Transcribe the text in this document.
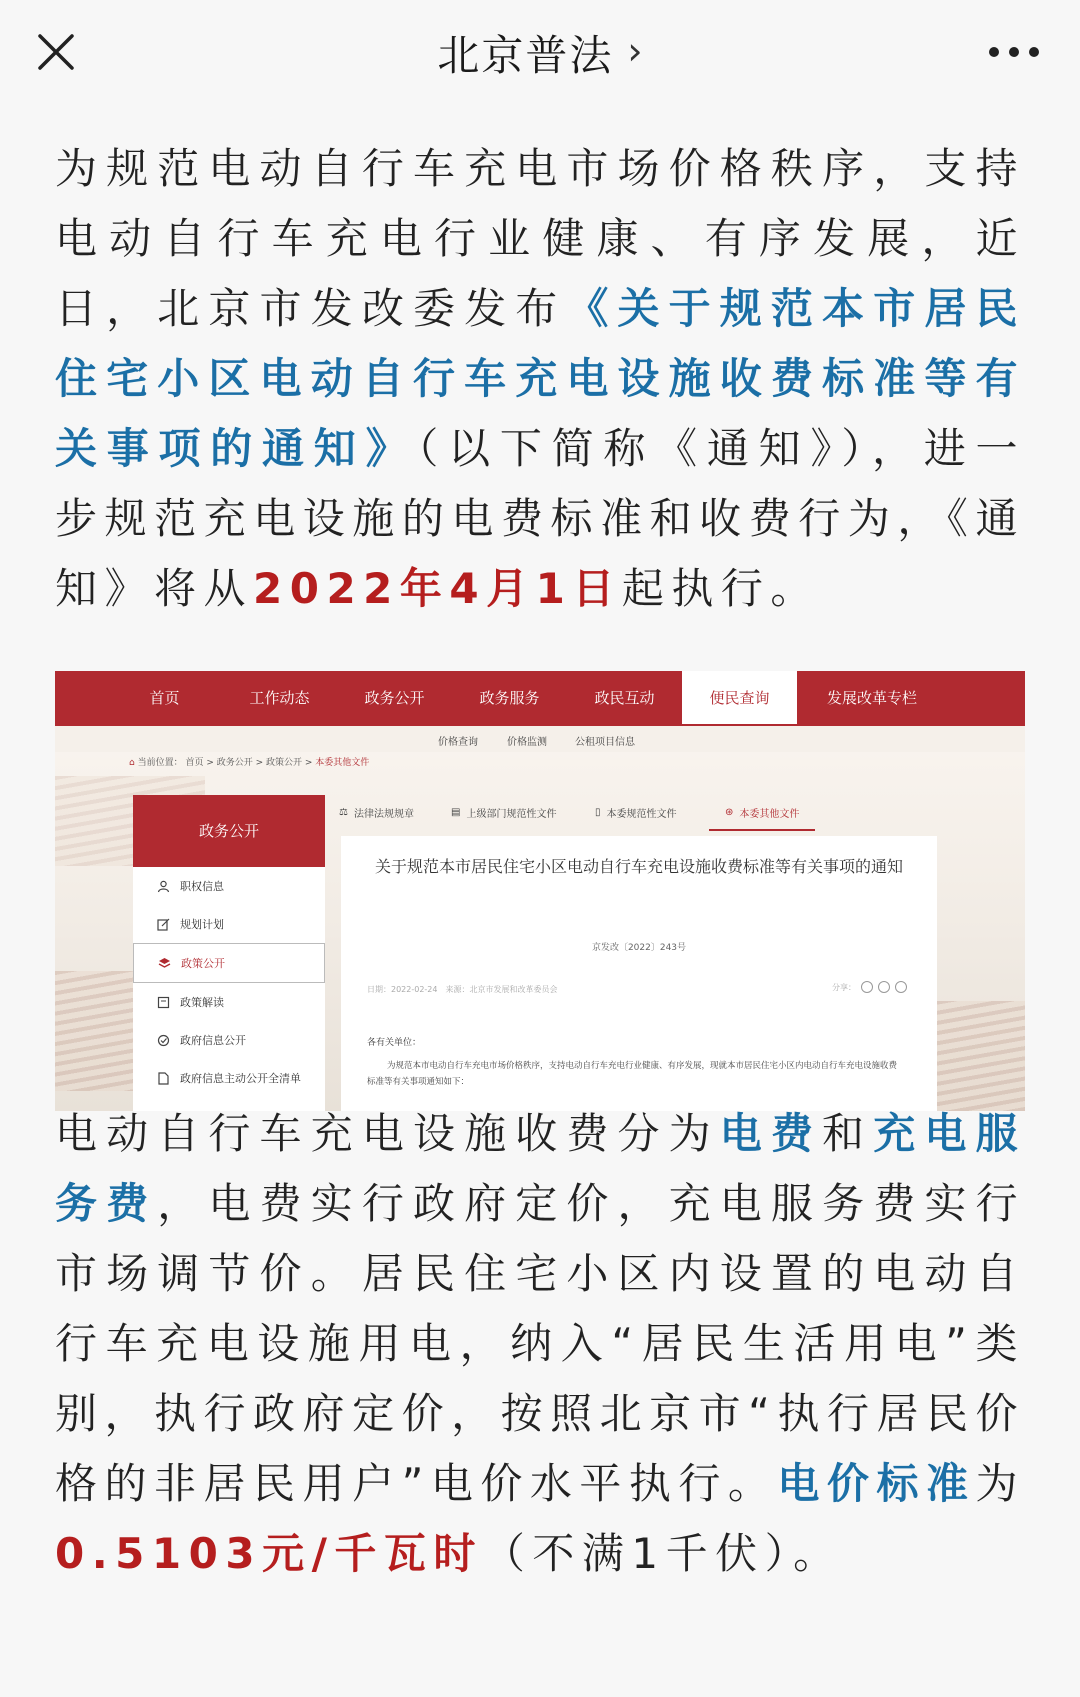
北京普法 ›

为规范电动自行车充电市场价格秩序，支持电动自行车充电行业健康、有序发展，近日，北京市发改委发布《关于规范本市居民住宅小区电动自行车充电设施收费标准等有关事项的通知》（以下简称《通知》），进一步规范充电设施的电费标准和收费行为，《通知》将从2022年4月1日起执行。

首页	工作动态	政务公开	政务服务	政民互动	便民查询	发展改革专栏
价格查询	价格监测	公租项目信息
⌂ 当前位置： 首页 > 政务公开 > 政策公开 > 本委其他文件
政务公开
职权信息
规划计划
政策公开
政策解读
政府信息公开
政府信息主动公开全清单
⚖ 法律法规规章	▤ 上级部门规范性文件	▯ 本委规范性文件	⊛ 本委其他文件
关于规范本市居民住宅小区电动自行车充电设施收费标准等有关事项的通知
京发改〔2022〕243号
日期：2022-02-24　来源：北京市发展和改革委员会	分享：
各有关单位：
为规范本市电动自行车充电市场价格秩序，支持电动自行车充电行业健康、有序发展，现就本市居民住宅小区内电动自行车充电设施收费标准等有关事项通知如下：

电动自行车充电设施收费分为电费和充电服务费，电费实行政府定价，充电服务费实行市场调节价。居民住宅小区内设置的电动自行车充电设施用电，纳入“居民生活用电”类别，执行政府定价，按照北京市“执行居民价格的非居民用户”电价水平执行。电价标准为0.5103元/千瓦时（不满1千伏）。
